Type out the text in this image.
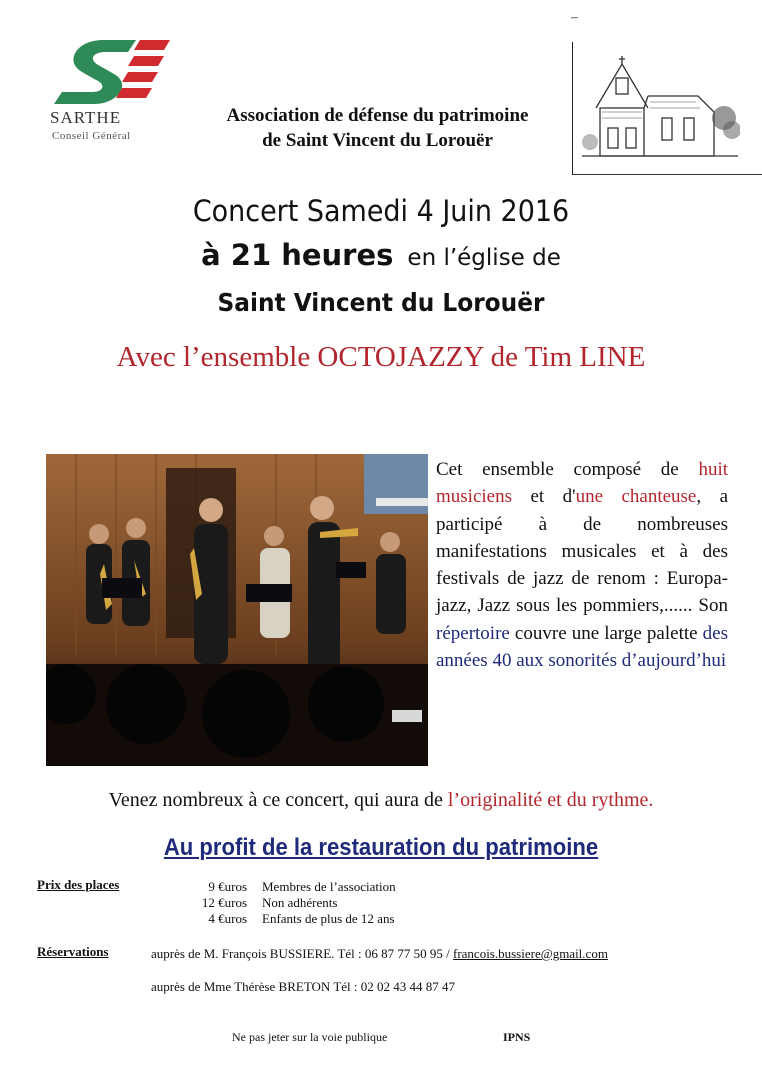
SARTHE
Conseil Général
Association de défense du patrimoine
de Saint Vincent du Lorouër
–
Concert Samedi 4 Juin 2016
à 21 heures en l’église de
Saint Vincent du Lorouër
Avec l’ensemble OCTOJAZZY de Tim LINE
Cet ensemble composé de huit musiciens et d'une chanteuse, a participé à de nombreuses manifestations musicales et à des festivals de jazz de renom : Europa-jazz, Jazz sous les pommiers,...... Son répertoire couvre une large palette des années 40 aux sonorités d’aujourd’hui
Venez nombreux à ce concert, qui aura de l’originalité et du rythme.
Au profit de la restauration du patrimoine
Prix des places	9 €uros Membres de l’association
12 €uros Non adhérents
4 €uros Enfants de plus de 12 ans
Réservations	auprès de M. François BUSSIERE. Tél : 06 87 77 50 95 / francois.bussiere@gmail.com
auprès de Mme Thérèse BRETON Tél : 02 02 43 44 87 47
Ne pas jeter sur la voie publique	IPNS
